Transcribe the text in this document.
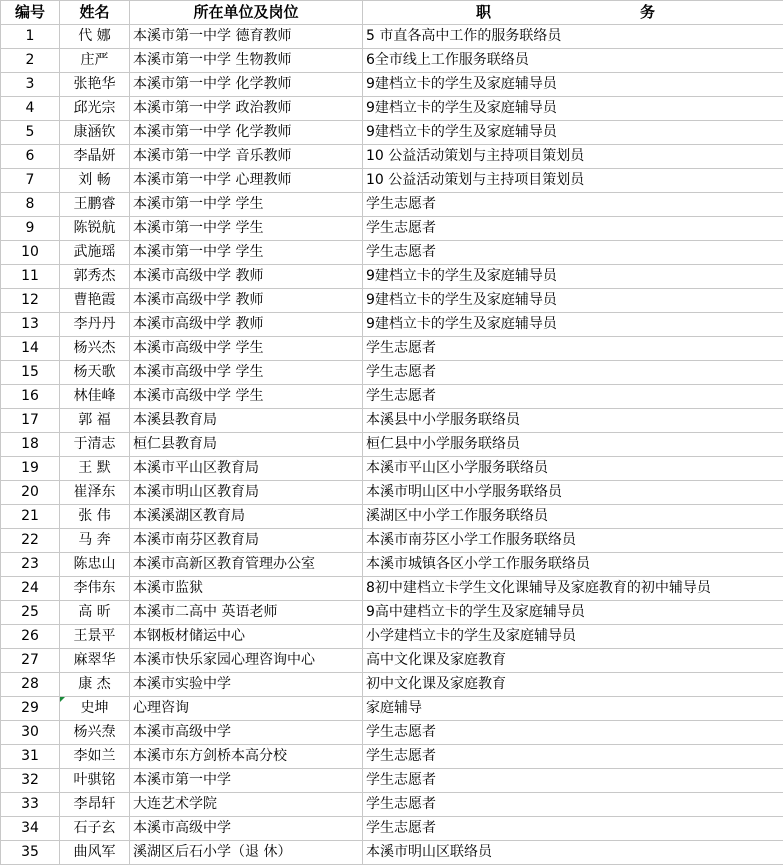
编号	姓名	所在单位及岗位	职 务

1	代 娜	本溪市第一中学 德育教师	5 市直各高中工作的服务联络员
2	庄严	本溪市第一中学 生物教师	6全市线上工作服务联络员
3	张艳华	本溪市第一中学 化学教师	9建档立卡的学生及家庭辅导员
4	邱光宗	本溪市第一中学 政治教师	9建档立卡的学生及家庭辅导员
5	康涵钦	本溪市第一中学 化学教师	9建档立卡的学生及家庭辅导员
6	李晶妍	本溪市第一中学 音乐教师	10 公益活动策划与主持项目策划员
7	刘 畅	本溪市第一中学 心理教师	10 公益活动策划与主持项目策划员
8	王鹏睿	本溪市第一中学 学生	学生志愿者
9	陈锐航	本溪市第一中学 学生	学生志愿者
10	武施瑶	本溪市第一中学 学生	学生志愿者
11	郭秀杰	本溪市高级中学 教师	9建档立卡的学生及家庭辅导员
12	曹艳霞	本溪市高级中学 教师	9建档立卡的学生及家庭辅导员
13	李丹丹	本溪市高级中学 教师	9建档立卡的学生及家庭辅导员
14	杨兴杰	本溪市高级中学 学生	学生志愿者
15	杨天歌	本溪市高级中学 学生	学生志愿者
16	林佳峰	本溪市高级中学 学生	学生志愿者
17	郭 福	本溪县教育局	本溪县中小学服务联络员
18	于清志	桓仁县教育局	桓仁县中小学服务联络员
19	王 默	本溪市平山区教育局	本溪市平山区小学服务联络员
20	崔泽东	本溪市明山区教育局	本溪市明山区中小学服务联络员
21	张 伟	本溪溪湖区教育局	溪湖区中小学工作服务联络员
22	马 奔	本溪市南芬区教育局	本溪市南芬区小学工作服务联络员
23	陈忠山	本溪市高新区教育管理办公室	本溪市城镇各区小学工作服务联络员
24	李伟东	本溪市监狱	8初中建档立卡学生文化课辅导及家庭教育的初中辅导员
25	高 昕	本溪市二高中 英语老师	9高中建档立卡的学生及家庭辅导员
26	王景平	本钢板材储运中心	小学建档立卡的学生及家庭辅导员
27	麻翠华	本溪市快乐家园心理咨询中心	高中文化课及家庭教育
28	康 杰	本溪市实验中学	初中文化课及家庭教育
29	史坤	心理咨询	家庭辅导
30	杨兴焘	本溪市高级中学	学生志愿者
31	李如兰	本溪市东方剑桥本高分校	学生志愿者
32	叶骐铭	本溪市第一中学	学生志愿者
33	李昂轩	大连艺术学院	学生志愿者
34	石子玄	本溪市高级中学	学生志愿者
35	曲风军	溪湖区后石小学（退 休）	本溪市明山区联络员
